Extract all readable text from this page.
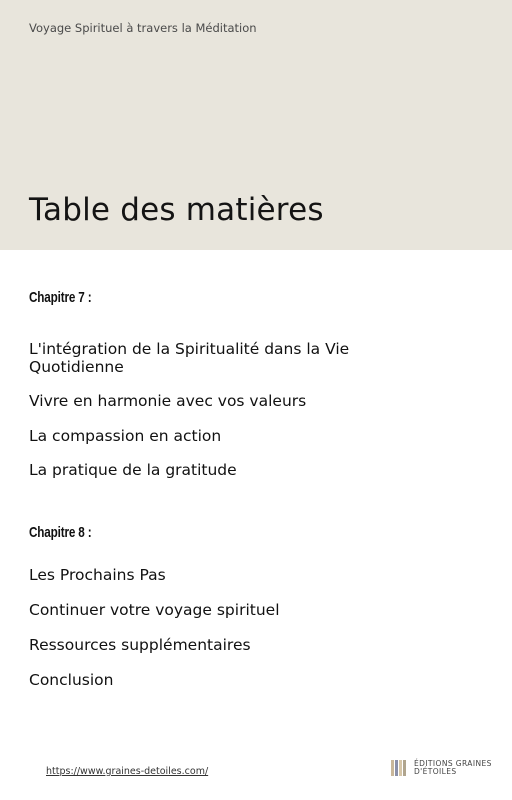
Voyage Spirituel à travers la Méditation
Table des matières
Chapitre 7 :
L'intégration de la Spiritualité dans la Vie Quotidienne
Vivre en harmonie avec vos valeurs
La compassion en action
La pratique de la gratitude
Chapitre 8 :
Les Prochains Pas
Continuer votre voyage spirituel
Ressources supplémentaires
Conclusion
https://www.graines-detoiles.com/
ÉDITIONS GRAINES
D'ÉTOILES
